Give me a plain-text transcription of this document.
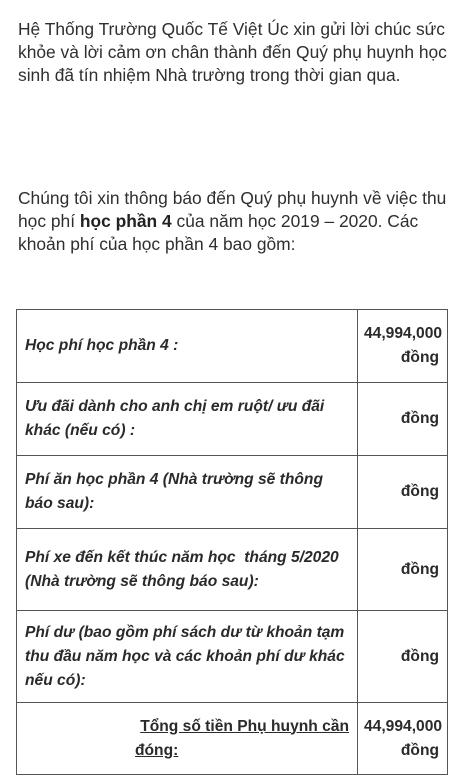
Hệ Thống Trường Quốc Tế Việt Úc xin gửi lời chúc sức khỏe và lời cảm ơn chân thành đến Quý phụ huynh học sinh đã tín nhiệm Nhà trường trong thời gian qua.

Chúng tôi xin thông báo đến Quý phụ huynh về việc thu học phí học phần 4 của năm học 2019 – 2020. Các khoản phí của học phần 4 bao gồm:

Học phí học phần 4 :	44,994,000
đồng

Ưu đãi dành cho anh chị em ruột/ ưu đãi khác (nếu có) :	đồng

Phí ăn học phần 4 (Nhà trường sẽ thông báo sau):	đồng

Phí xe đến kết thúc năm học  tháng 5/2020 (Nhà trường sẽ thông báo sau):	đồng

Phí dư (bao gồm phí sách dư từ khoản tạm thu đầu năm học và các khoản phí dư khác nếu có):	đồng

Tổng số tiền Phụ huynh cần
đóng:	44,994,000
đồng
